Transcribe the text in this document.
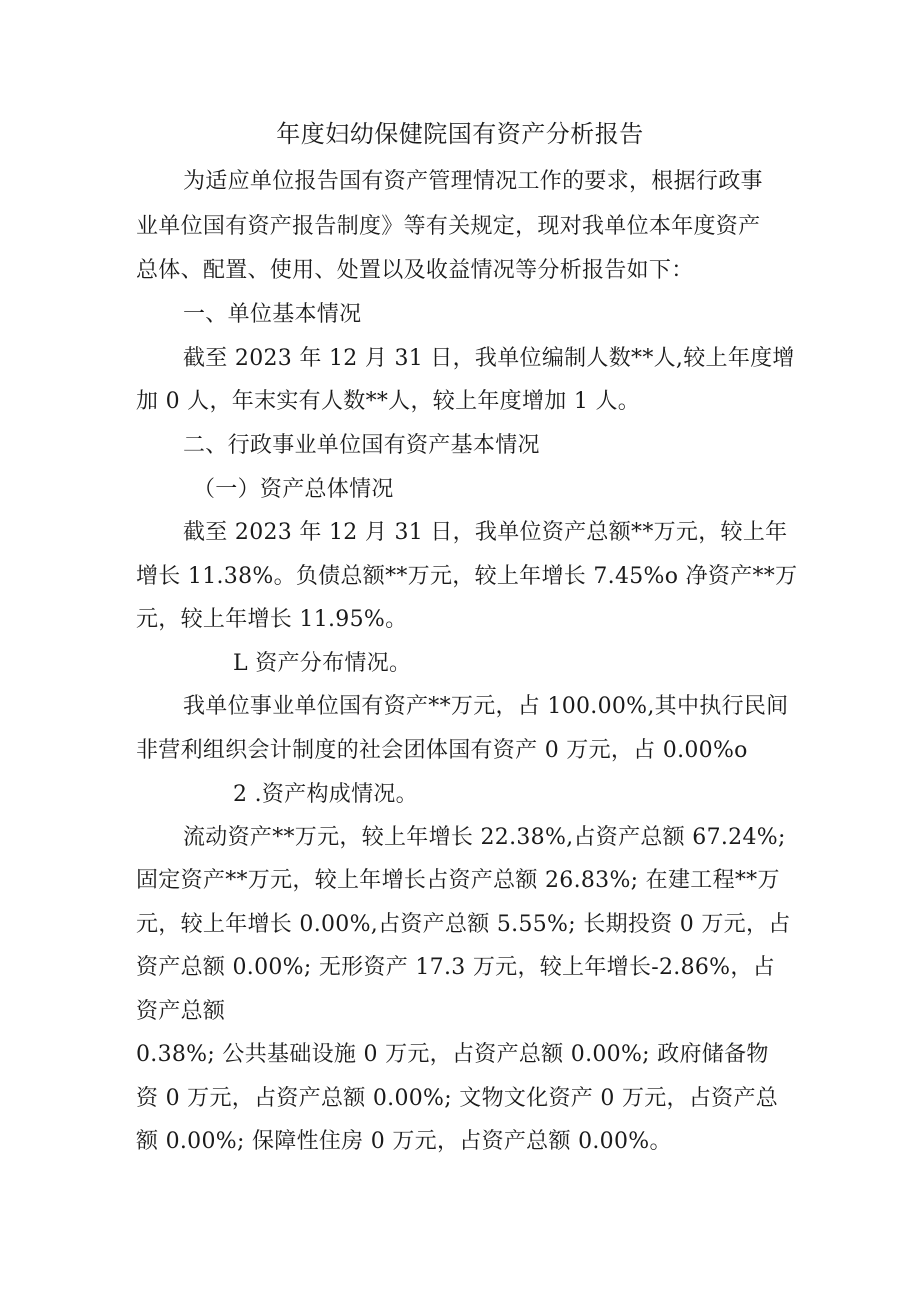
年度妇幼保健院国有资产分析报告
为适应单位报告国有资产管理情况工作的要求，根据行政事
业单位国有资产报告制度》等有关规定，现对我单位本年度资产
总体、配置、使用、处置以及收益情况等分析报告如下：
一、单位基本情况
截至 2023 年 12 月 31 日，我单位编制人数**人,较上年度增
加 0 人，年末实有人数**人，较上年度增加 1 人。
二、行政事业单位国有资产基本情况
（一）资产总体情况
截至 2023 年 12 月 31 日，我单位资产总额**万元，较上年
增长 11.38%。负债总额**万元，较上年增长 7.45%o 净资产**万
元，较上年增长 11.95%。
L 资产分布情况。
我单位事业单位国有资产**万元，占 100.00%,其中执行民间
非营利组织会计制度的社会团体国有资产 0 万元，占 0.00%o
2 .资产构成情况。
流动资产**万元，较上年增长 22.38%,占资产总额 67.24%;
固定资产**万元，较上年增长占资产总额 26.83%; 在建工程**万
元，较上年增长 0.00%,占资产总额 5.55%; 长期投资 0 万元，占
资产总额 0.00%; 无形资产 17.3 万元，较上年增长-2.86%，占
资产总额
0.38%; 公共基础设施 0 万元，占资产总额 0.00%; 政府储备物
资 0 万元，占资产总额 0.00%; 文物文化资产 0 万元，占资产总
额 0.00%; 保障性住房 0 万元，占资产总额 0.00%。
